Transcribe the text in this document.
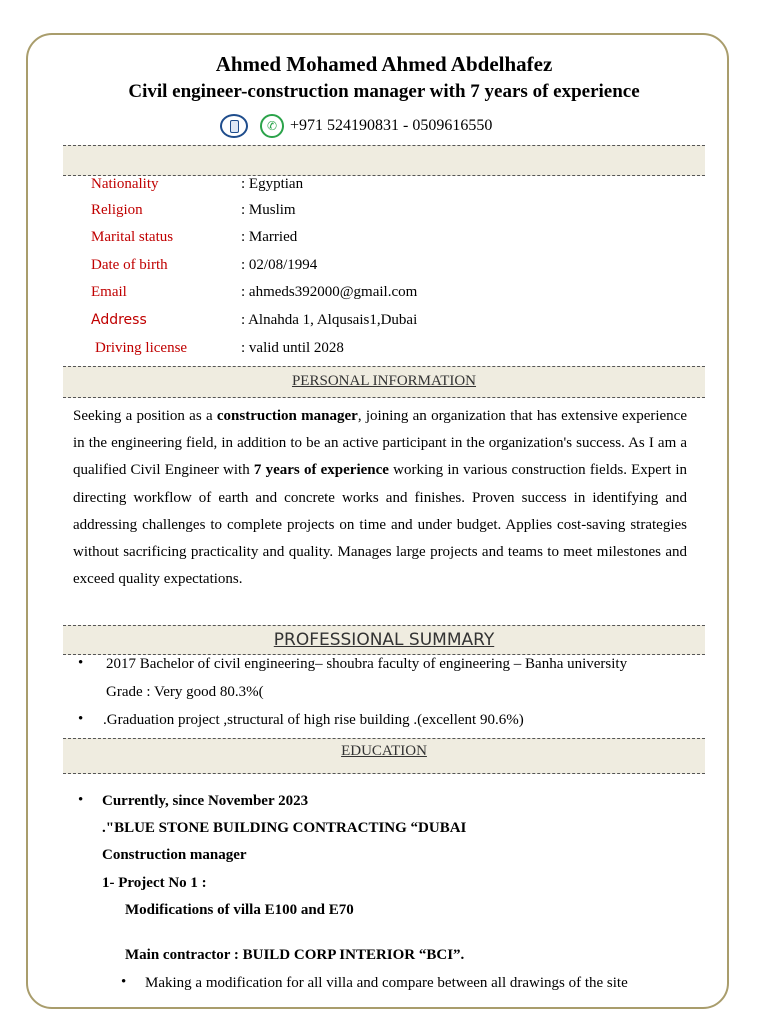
Ahmed Mohamed Ahmed Abdelhafez
Civil engineer-construction manager with 7 years of experience
✆ +971 524190831 - 0509616550
Nationality	: Egyptian
Religion	: Muslim
Marital status	: Married
Date of birth	: 02/08/1994
Email	: ahmeds392000@gmail.com
Address	: Alnahda 1, Alqusais1,Dubai
Driving license	: valid until 2028
PERSONAL INFORMATION
Seeking a position as a construction manager, joining an organization that has extensive experience in the engineering field, in addition to be an active participant in the organization's success. As I am a qualified Civil Engineer with 7 years of experience working in various construction fields. Expert in directing workflow of earth and concrete works and finishes. Proven success in identifying and addressing challenges to complete projects on time and under budget. Applies cost-saving strategies without sacrificing practicality and quality. Manages large projects and teams to meet milestones and exceed quality expectations.
PROFESSIONAL SUMMARY
• 2017 Bachelor of civil engineering– shoubra faculty of engineering – Banha university
Grade : Very good 80.3%(
• .Graduation project ,structural of high rise building .(excellent 90.6%)
EDUCATION
• Currently, since November 2023
."BLUE STONE BUILDING CONTRACTING “DUBAI
Construction manager
1- Project No 1 :
Modifications of villa E100 and E70
Main contractor : BUILD CORP INTERIOR “BCI”.
• Making a modification for all villa and compare between all drawings of the site
